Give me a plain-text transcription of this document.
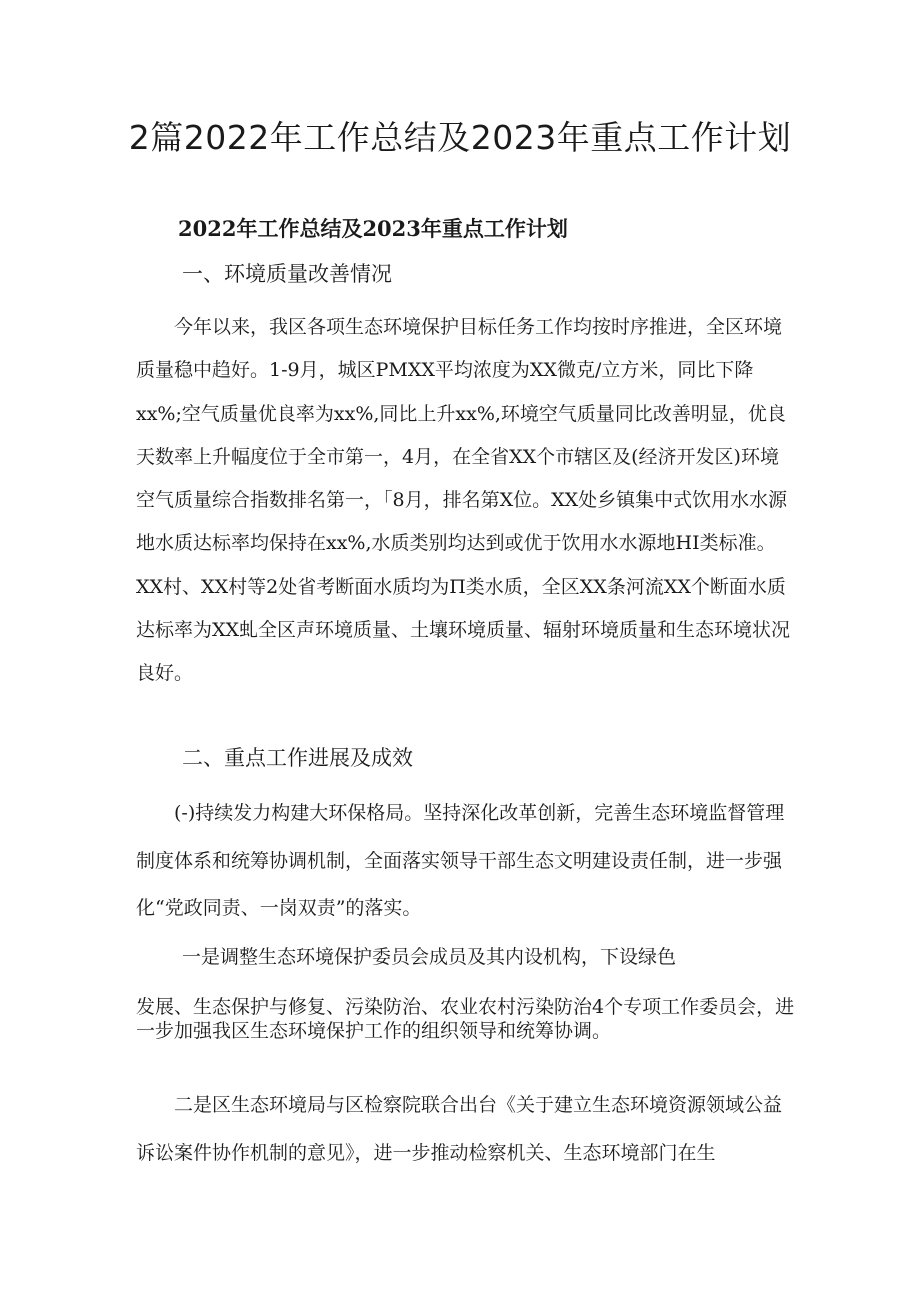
2篇2022年工作总结及2023年重点工作计划
2022年工作总结及2023年重点工作计划
一、环境质量改善情况

今年以来，我区各项生态环境保护目标任务工作均按时序推进，全区环境质量稳中趋好。1-9月，城区PMXX平均浓度为XX微克/立方米，同比下降xx%;空气质量优良率为xx%,同比上升xx%,环境空气质量同比改善明显，优良天数率上升幅度位于全市第一，4月，在全省XX个市辖区及(经济开发区)环境空气质量综合指数排名第一，「8月，排名第X位。XX处乡镇集中式饮用水水源地水质达标率均保持在xx%,水质类别均达到或优于饮用水水源地HI类标准。XX村、XX村等2处省考断面水质均为Π类水质，全区XX条河流XX个断面水质达标率为XX虬全区声环境质量、土壤环境质量、辐射环境质量和生态环境状况良好。

二、重点工作进展及成效

(-)持续发力构建大环保格局。坚持深化改革创新，完善生态环境监督管理制度体系和统筹协调机制，全面落实领导干部生态文明建设责任制，进一步强化“党政同责、一岗双责”的落实。

一是调整生态环境保护委员会成员及其内设机构，下设绿色

发展、生态保护与修复、污染防治、农业农村污染防治4个专项工作委员会，进一步加强我区生态环境保护工作的组织领导和统筹协调。

二是区生态环境局与区检察院联合出台《关于建立生态环境资源领域公益诉讼案件协作机制的意见》，进一步推动检察机关、生态环境部门在生
